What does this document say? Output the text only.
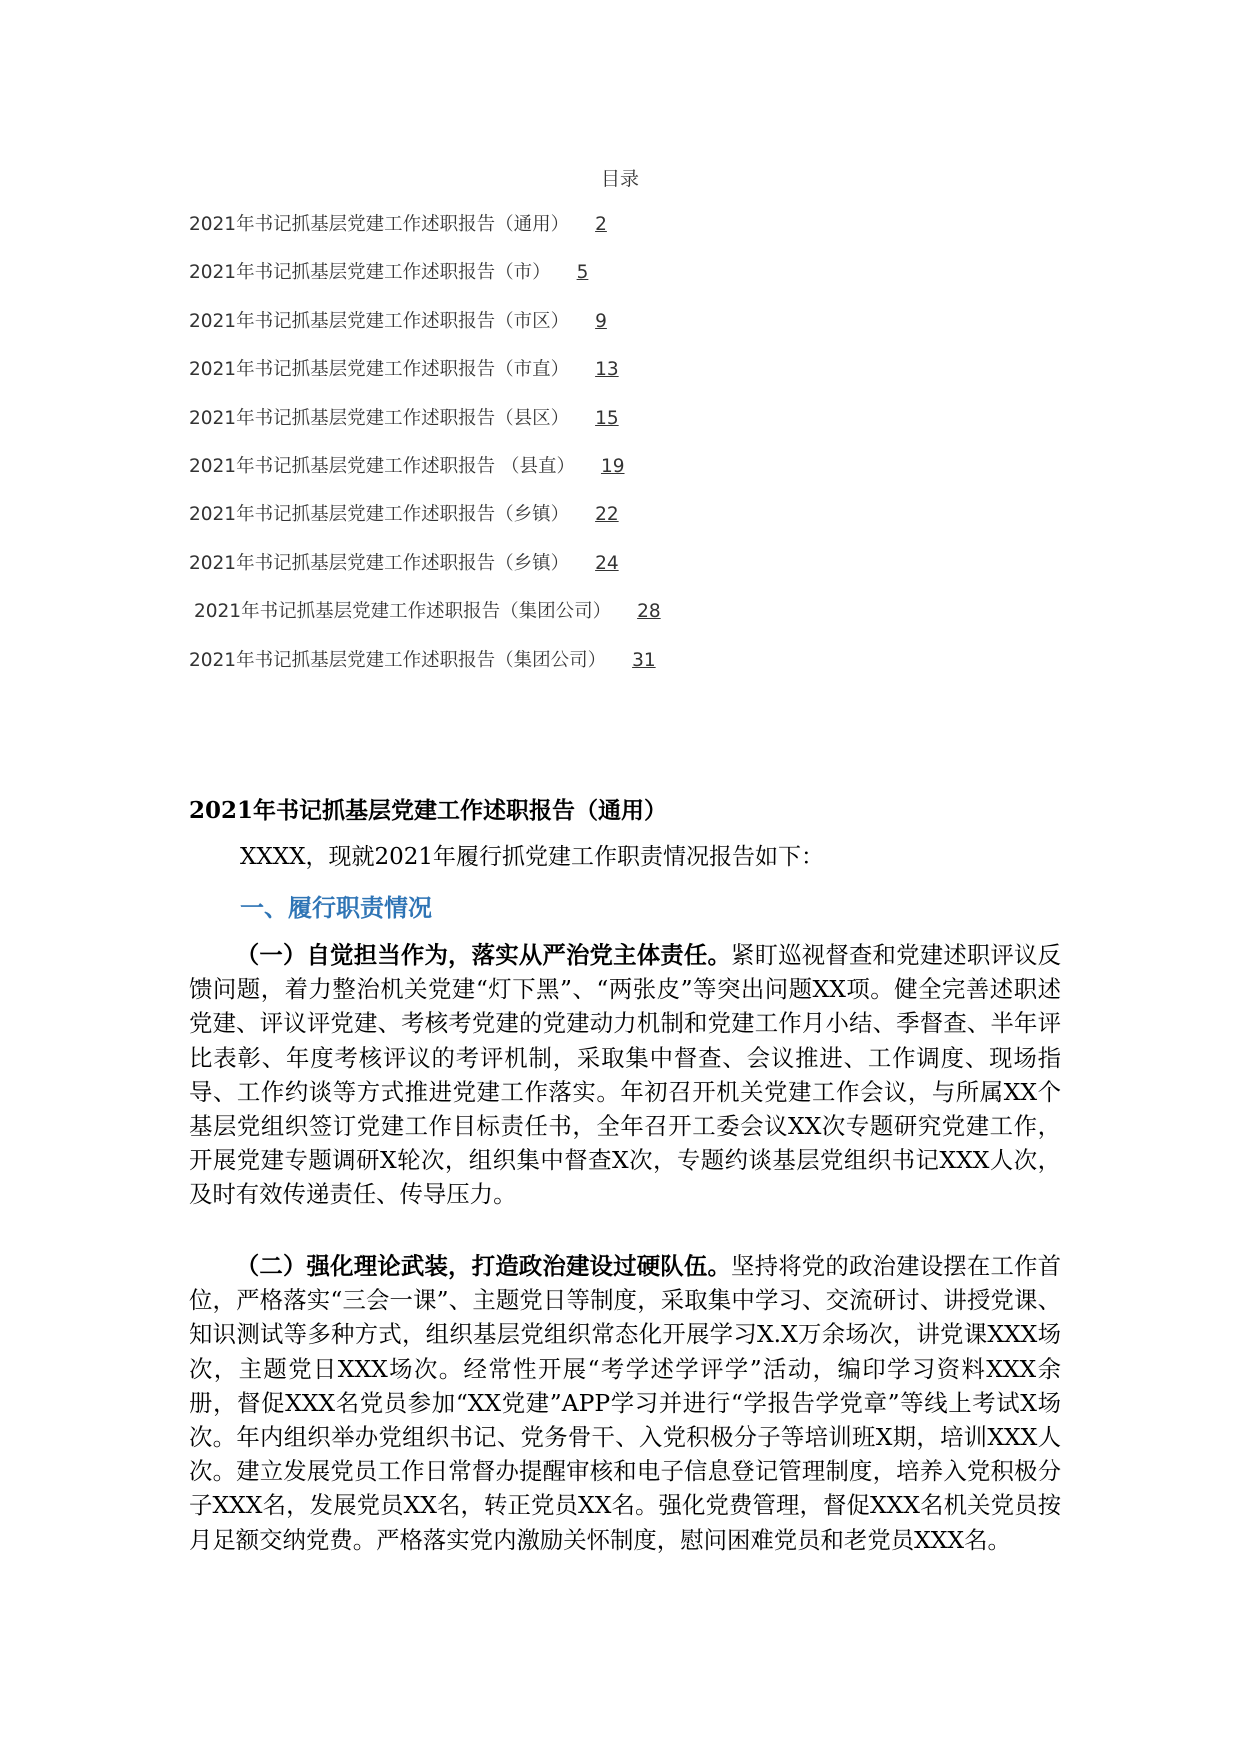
目录
2021年书记抓基层党建工作述职报告（通用） 2
2021年书记抓基层党建工作述职报告（市） 5
2021年书记抓基层党建工作述职报告（市区） 9
2021年书记抓基层党建工作述职报告（市直） 13
2021年书记抓基层党建工作述职报告（县区） 15
2021年书记抓基层党建工作述职报告 （县直） 19
2021年书记抓基层党建工作述职报告（乡镇） 22
2021年书记抓基层党建工作述职报告（乡镇） 24
2021年书记抓基层党建工作述职报告（集团公司） 28
2021年书记抓基层党建工作述职报告（集团公司） 31
2021年书记抓基层党建工作述职报告（通用）
XXXX，现就2021年履行抓党建工作职责情况报告如下：
一、履行职责情况

（一）自觉担当作为，落实从严治党主体责任。紧盯巡视督查和党建述职评议反馈问题，着力整治机关党建“灯下黑”、“两张皮”等突出问题XX项。健全完善述职述党建、评议评党建、考核考党建的党建动力机制和党建工作月小结、季督查、半年评比表彰、年度考核评议的考评机制，采取集中督查、会议推进、工作调度、现场指导、工作约谈等方式推进党建工作落实。年初召开机关党建工作会议，与所属XX个基层党组织签订党建工作目标责任书，全年召开工委会议XX次专题研究党建工作，开展党建专题调研X轮次，组织集中督查X次，专题约谈基层党组织书记XXX人次，及时有效传递责任、传导压力。

（二）强化理论武装，打造政治建设过硬队伍。坚持将党的政治建设摆在工作首位，严格落实“三会一课”、主题党日等制度，采取集中学习、交流研讨、讲授党课、知识测试等多种方式，组织基层党组织常态化开展学习X.X万余场次，讲党课XXX场次，主题党日XXX场次。经常性开展“考学述学评学”活动，编印学习资料XXX余册，督促XXX名党员参加“XX党建”APP学习并进行“学报告学党章”等线上考试X场次。年内组织举办党组织书记、党务骨干、入党积极分子等培训班X期，培训XXX人次。建立发展党员工作日常督办提醒审核和电子信息登记管理制度，培养入党积极分子XXX名，发展党员XX名，转正党员XX名。强化党费管理，督促XXX名机关党员按月足额交纳党费。严格落实党内激励关怀制度，慰问困难党员和老党员XXX名。
